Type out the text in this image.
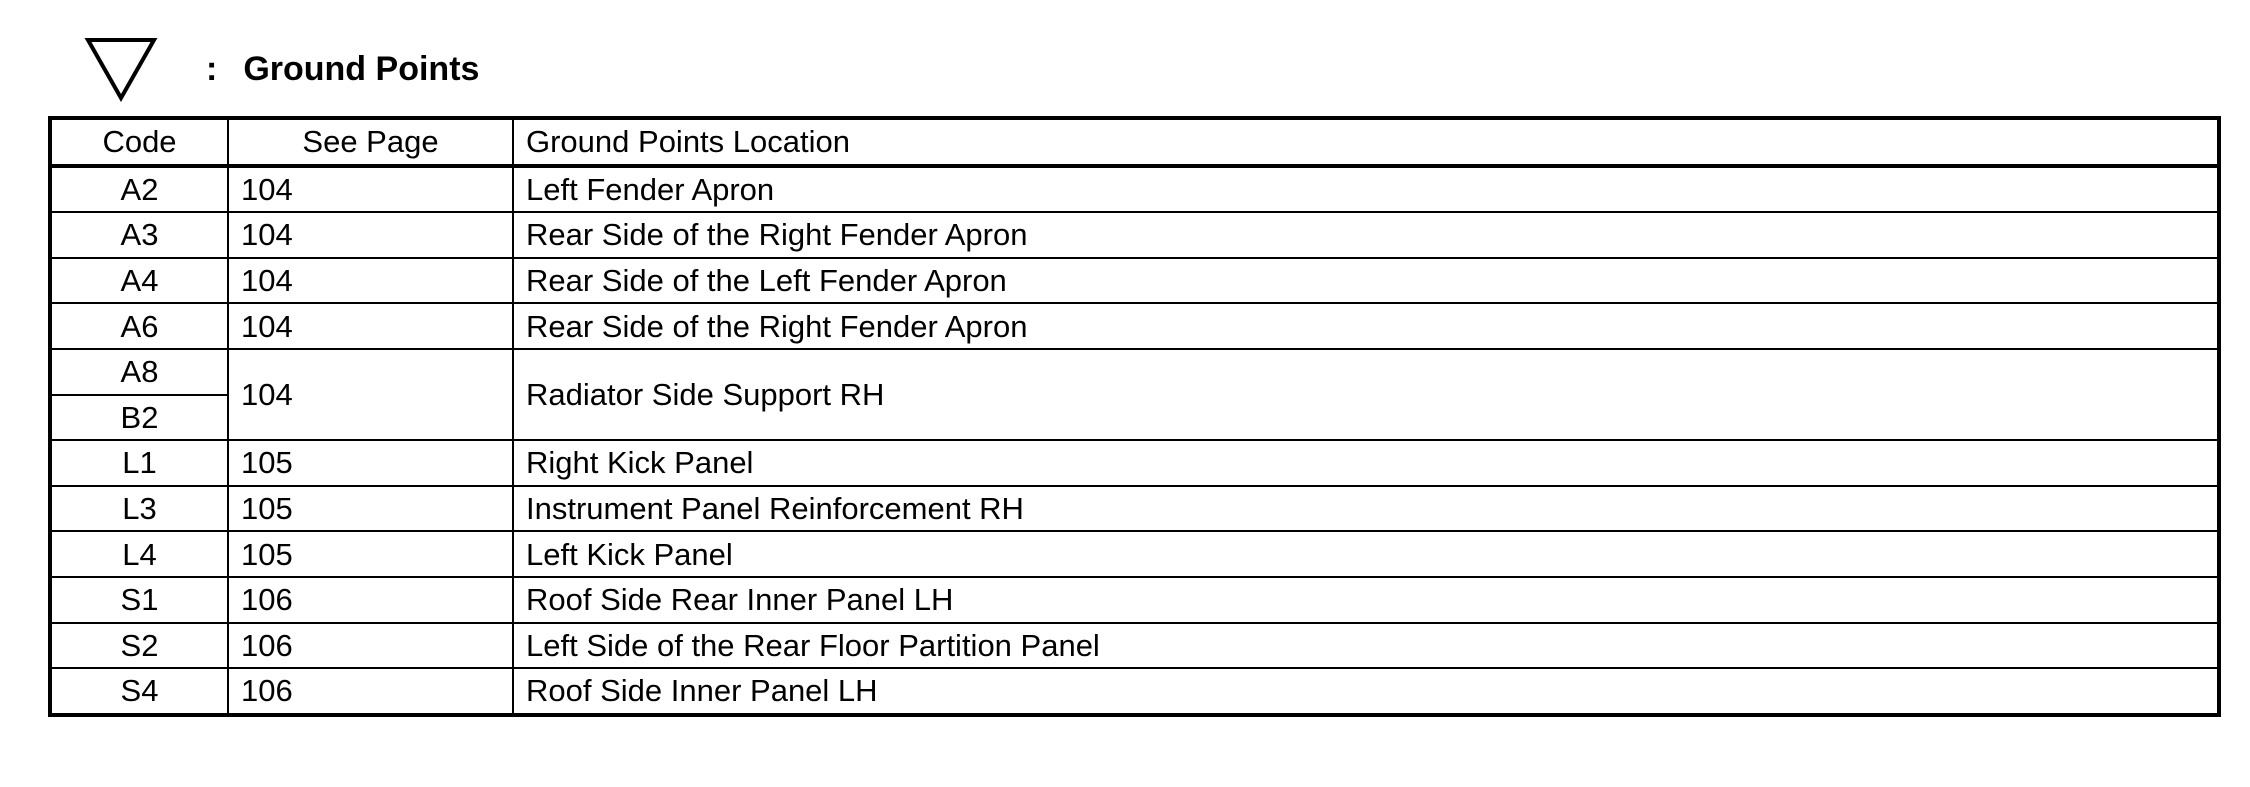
: Ground Points
Code	See Page	Ground Points Location
A2	104	Left Fender Apron
A3	104	Rear Side of the Right Fender Apron
A4	104	Rear Side of the Left Fender Apron
A6	104	Rear Side of the Right Fender Apron
A8	104	Radiator Side Support RH
B2		
L1	105	Right Kick Panel
L3	105	Instrument Panel Reinforcement RH
L4	105	Left Kick Panel
S1	106	Roof Side Rear Inner Panel LH
S2	106	Left Side of the Rear Floor Partition Panel
S4	106	Roof Side Inner Panel LH
